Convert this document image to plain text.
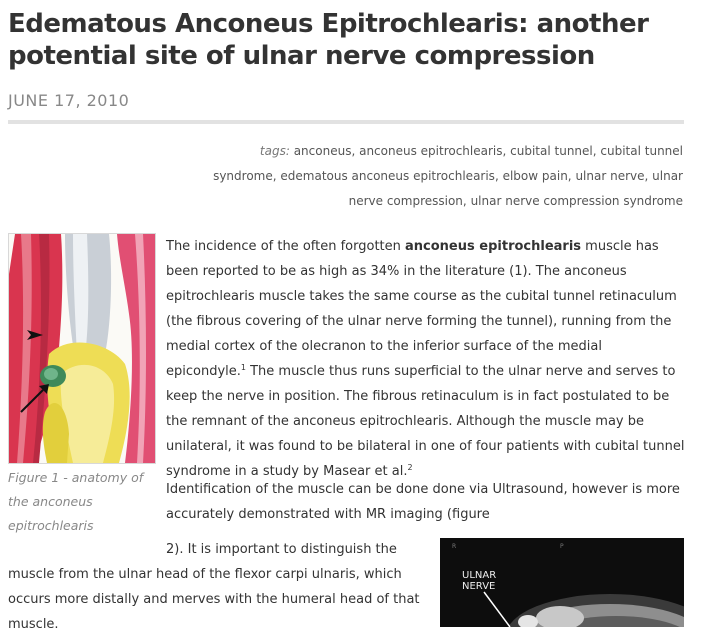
Edematous Anconeus Epitrochlearis: another potential site of ulnar nerve compression
JUNE 17, 2010
tags: anconeus, anconeus epitrochlearis, cubital tunnel, cubital tunnel syndrome, edematous anconeus epitrochlearis, elbow pain, ulnar nerve, ulnar nerve compression, ulnar nerve compression syndrome
Figure 1 - anatomy of the anconeus epitrochlearis

The incidence of the often forgotten anconeus epitrochlearis muscle has been reported to be as high as 34% in the literature (1). The anconeus epitrochlearis muscle takes the same course as the cubital tunnel retinaculum (the fibrous covering of the ulnar nerve forming the tunnel), running from the medial cortex of the olecranon to the inferior surface of the medial epicondyle.$^1$ The muscle thus runs superficial to the ulnar nerve and serves to keep the nerve in position. The fibrous retinaculum is in fact postulated to be the remnant of the anconeus epitrochlearis. Although the muscle may be unilateral, it was found to be bilateral in one of four patients with cubital tunnel syndrome in a study by Masear et al.$^2$

Identification of the muscle can be done done via Ultrasound, however is more accurately demonstrated with MR imaging (figure

2). It is important to distinguish the

muscle from the ulnar head of the flexor carpi ulnaris, which occurs more distally and merves with the humeral head of that muscle.

R	P
ULNAR
NERVE
